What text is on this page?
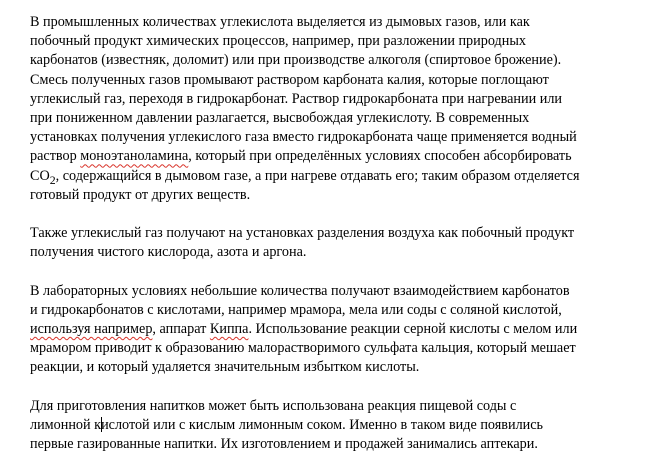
В промышленных количествах углекислота выделяется из дымовых газов, или как
побочный продукт химических процессов, например, при разложении природных
карбонатов (известняк, доломит) или при производстве алкоголя (спиртовое брожение).
Смесь полученных газов промывают раствором карбоната калия, которые поглощают
углекислый газ, переходя в гидрокарбонат. Раствор гидрокарбоната при нагревании или
при пониженном давлении разлагается, высвобождая углекислоту. В современных
установках получения углекислого газа вместо гидрокарбоната чаще применяется водный
раствор моноэтаноламина, который при определённых условиях способен абсорбировать
$CO_2$, содержащийся в дымовом газе, а при нагреве отдавать его; таким образом отделяется
готовый продукт от других веществ.

Также углекислый газ получают на установках разделения воздуха как побочный продукт
получения чистого кислорода, азота и аргона.

В лабораторных условиях небольшие количества получают взаимодействием карбонатов
и гидрокарбонатов с кислотами, например мрамора, мела или соды с соляной кислотой,
используя например, аппарат Киппа. Использование реакции серной кислоты с мелом или
мрамором приводит к образованию малорастворимого сульфата кальция, который мешает
реакции, и который удаляется значительным избытком кислоты.

Для приготовления напитков может быть использована реакция пищевой соды с
лимонной кислотой или с кислым лимонным соком. Именно в таком виде появились
первые газированные напитки. Их изготовлением и продажей занимались аптекари.
